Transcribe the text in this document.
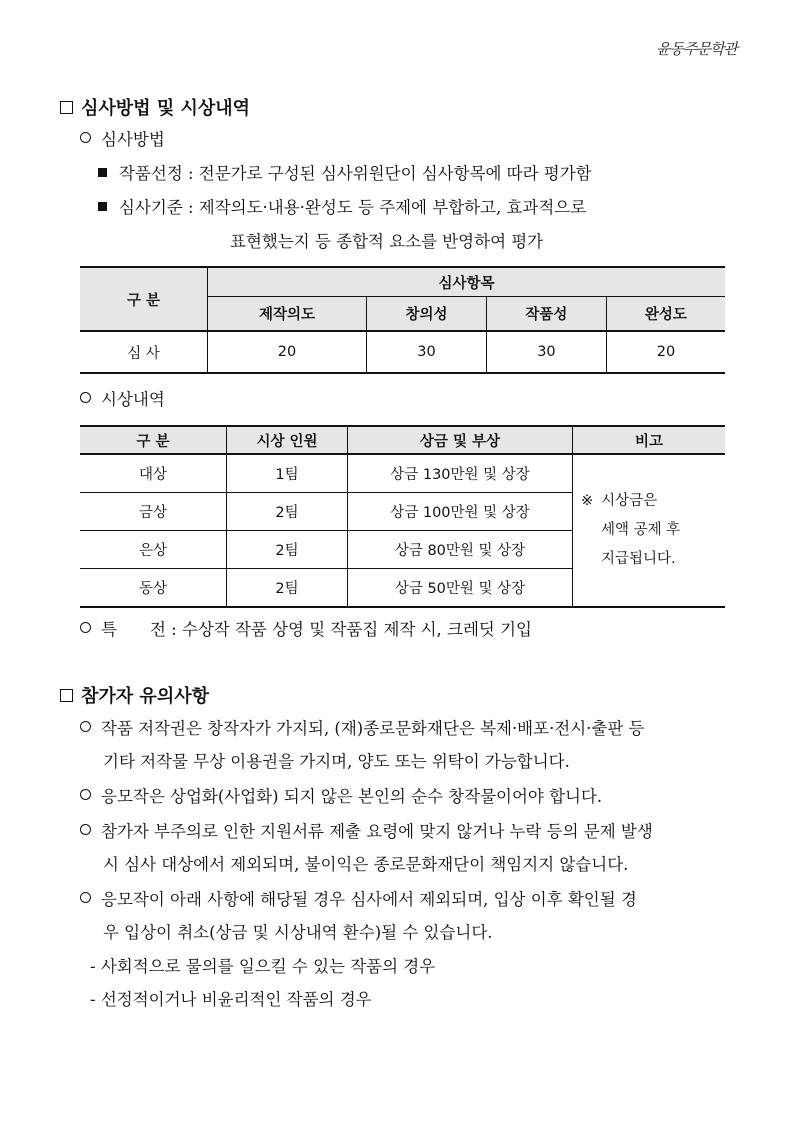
윤동주문학관
심사방법 및 시상내역
심사방법
작품선정 : 전문가로 구성된 심사위원단이 심사항목에 따라 평가함
심사기준 : 제작의도·내용·완성도 등 주제에 부합하고, 효과적으로
표현했는지 등 종합적 요소를 반영하여 평가
구 분	심사항목			
	제작의도	창의성	작품성	완성도
심 사	20	30	30	20
시상내역
구 분	시상 인원	상금 및 부상	비고
대상	1팀	상금 130만원 및 상장	※ 시상금은
세액 공제 후
지급됩니다.

금상	2팀	상금 100만원 및 상장	
은상	2팀	상금 80만원 및 상장	
동상	2팀	상금 50만원 및 상장	
특　　전 : 수상작 작품 상영 및 작품집 제작 시, 크레딧 기입
참가자 유의사항
작품 저작권은 창작자가 가지되, (재)종로문화재단은 복제·배포·전시·출판 등
기타 저작물 무상 이용권을 가지며, 양도 또는 위탁이 가능합니다.
응모작은 상업화(사업화) 되지 않은 본인의 순수 창작물이어야 합니다.
참가자 부주의로 인한 지원서류 제출 요령에 맞지 않거나 누락 등의 문제 발생
시 심사 대상에서 제외되며, 불이익은 종로문화재단이 책임지지 않습니다.
응모작이 아래 사항에 해당될 경우 심사에서 제외되며, 입상 이후 확인될 경
우 입상이 취소(상금 및 시상내역 환수)될 수 있습니다.
- 사회적으로 물의를 일으킬 수 있는 작품의 경우
- 선정적이거나 비윤리적인 작품의 경우
